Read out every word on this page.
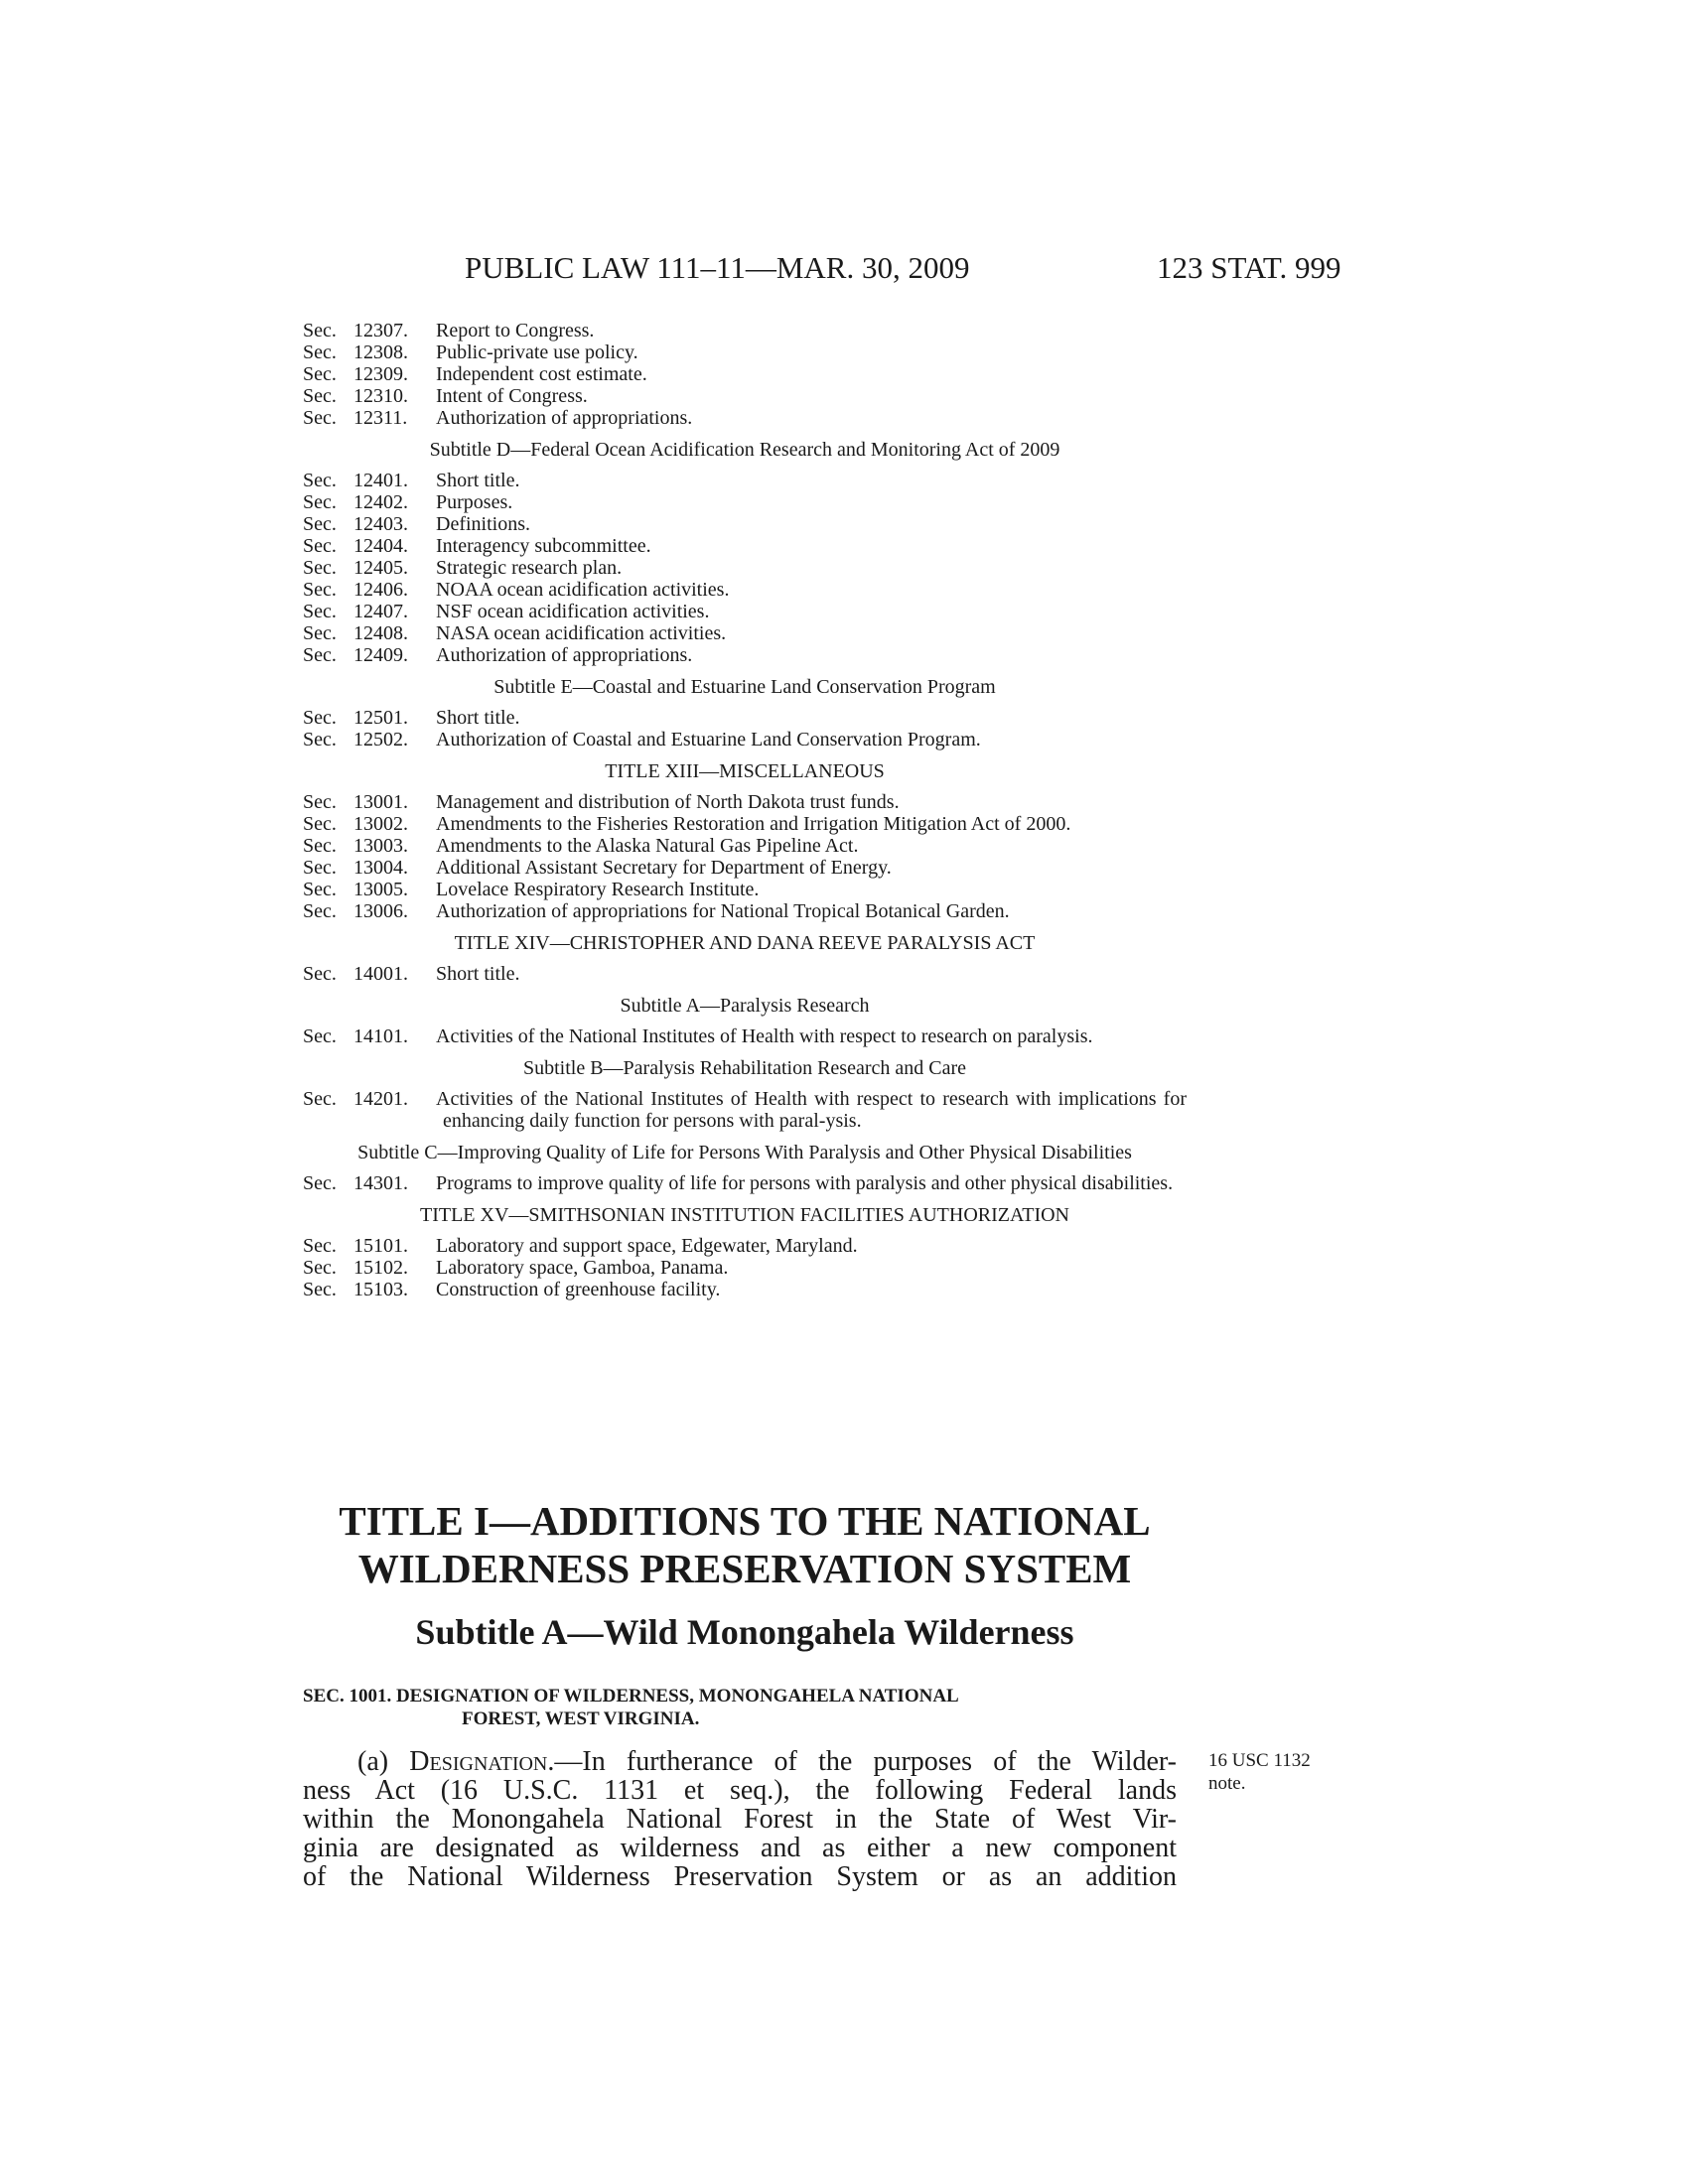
PUBLIC LAW 111–11—MAR. 30, 2009	123 STAT. 999
Sec. 12307.	Report to Congress.
Sec. 12308.	Public-private use policy.
Sec. 12309.	Independent cost estimate.
Sec. 12310.	Intent of Congress.
Sec. 12311.	Authorization of appropriations.
Subtitle D—Federal Ocean Acidification Research and Monitoring Act of 2009
Sec. 12401.	Short title.
Sec. 12402.	Purposes.
Sec. 12403.	Definitions.
Sec. 12404.	Interagency subcommittee.
Sec. 12405.	Strategic research plan.
Sec. 12406.	NOAA ocean acidification activities.
Sec. 12407.	NSF ocean acidification activities.
Sec. 12408.	NASA ocean acidification activities.
Sec. 12409.	Authorization of appropriations.
Subtitle E—Coastal and Estuarine Land Conservation Program
Sec. 12501.	Short title.
Sec. 12502.	Authorization of Coastal and Estuarine Land Conservation Program.
TITLE XIII—MISCELLANEOUS
Sec. 13001.	Management and distribution of North Dakota trust funds.
Sec. 13002.	Amendments to the Fisheries Restoration and Irrigation Mitigation Act of 2000.
Sec. 13003.	Amendments to the Alaska Natural Gas Pipeline Act.
Sec. 13004.	Additional Assistant Secretary for Department of Energy.
Sec. 13005.	Lovelace Respiratory Research Institute.
Sec. 13006.	Authorization of appropriations for National Tropical Botanical Garden.
TITLE XIV—CHRISTOPHER AND DANA REEVE PARALYSIS ACT
Sec. 14001.	Short title.
Subtitle A—Paralysis Research
Sec. 14101.	Activities of the National Institutes of Health with respect to research on paralysis.
Subtitle B—Paralysis Rehabilitation Research and Care
Sec. 14201.	Activities of the National Institutes of Health with respect to research with implications for enhancing daily function for persons with paral-ysis.
Subtitle C—Improving Quality of Life for Persons With Paralysis and Other Physical Disabilities
Sec. 14301.	Programs to improve quality of life for persons with paralysis and other physical disabilities.
TITLE XV—SMITHSONIAN INSTITUTION FACILITIES AUTHORIZATION
Sec. 15101.	Laboratory and support space, Edgewater, Maryland.
Sec. 15102.	Laboratory space, Gamboa, Panama.
Sec. 15103.	Construction of greenhouse facility.
TITLE I—ADDITIONS TO THE NATIONAL
WILDERNESS PRESERVATION SYSTEM
Subtitle A—Wild Monongahela Wilderness
SEC. 1001. DESIGNATION OF WILDERNESS, MONONGAHELA NATIONAL
FOREST, WEST VIRGINIA.
(a) Designation.—In furtherance of the purposes of the Wilder-
ness Act (16 U.S.C. 1131 et seq.), the following Federal lands
within the Monongahela National Forest in the State of West Vir-
ginia are designated as wilderness and as either a new component
of the National Wilderness Preservation System or as an addition
16 USC 1132
note.
